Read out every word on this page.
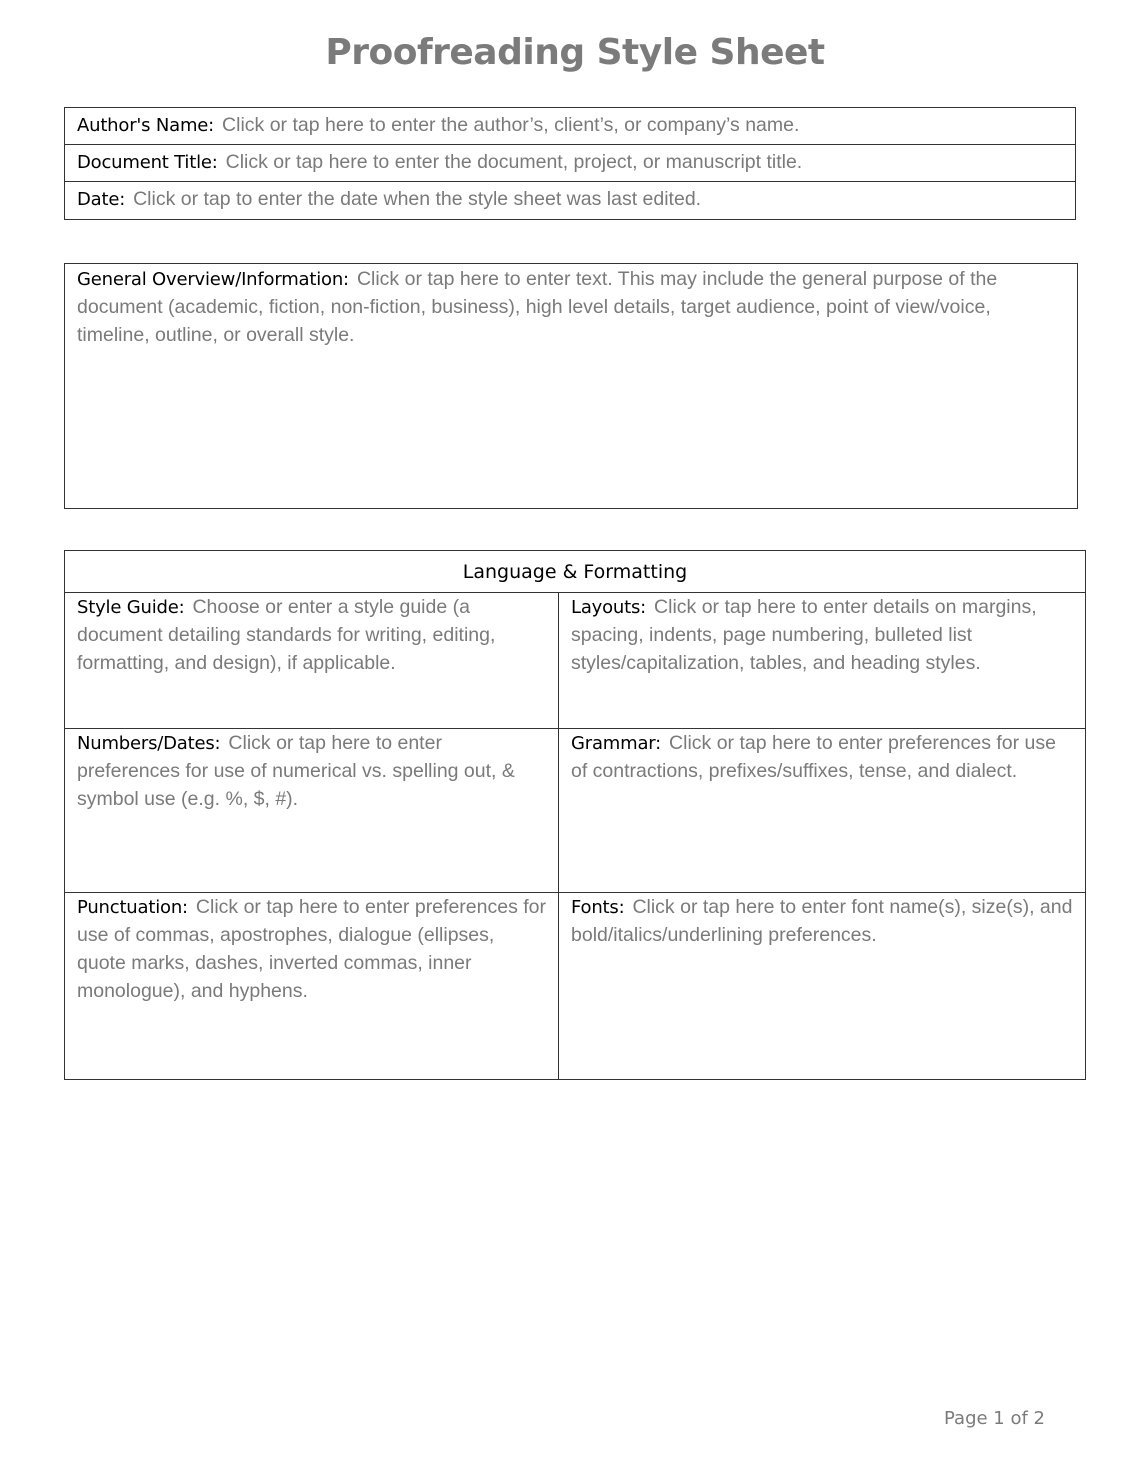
Proofreading Style Sheet
Author's Name: Click or tap here to enter the author’s, client’s, or company’s name.
Document Title: Click or tap here to enter the document, project, or manuscript title.
Date: Click or tap to enter the date when the style sheet was last edited.
General Overview/Information: Click or tap here to enter text. This may include the general purpose of the document (academic, fiction, non-fiction, business), high level details, target audience, point of view/voice, timeline, outline, or overall style.
Language & Formatting
Style Guide: Choose or enter a style guide (a document detailing standards for writing, editing, formatting, and design), if applicable.
Layouts: Click or tap here to enter details on margins, spacing, indents, page numbering, bulleted list styles/capitalization, tables, and heading styles.
Numbers/Dates: Click or tap here to enter preferences for use of numerical vs. spelling out, & symbol use (e.g. %, $, #).
Grammar: Click or tap here to enter preferences for use of contractions, prefixes/suffixes, tense, and dialect.
Punctuation: Click or tap here to enter preferences for use of commas, apostrophes, dialogue (ellipses, quote marks, dashes, inverted commas, inner monologue), and hyphens.
Fonts: Click or tap here to enter font name(s), size(s), and bold/italics/underlining preferences.
Page 1 of 2
